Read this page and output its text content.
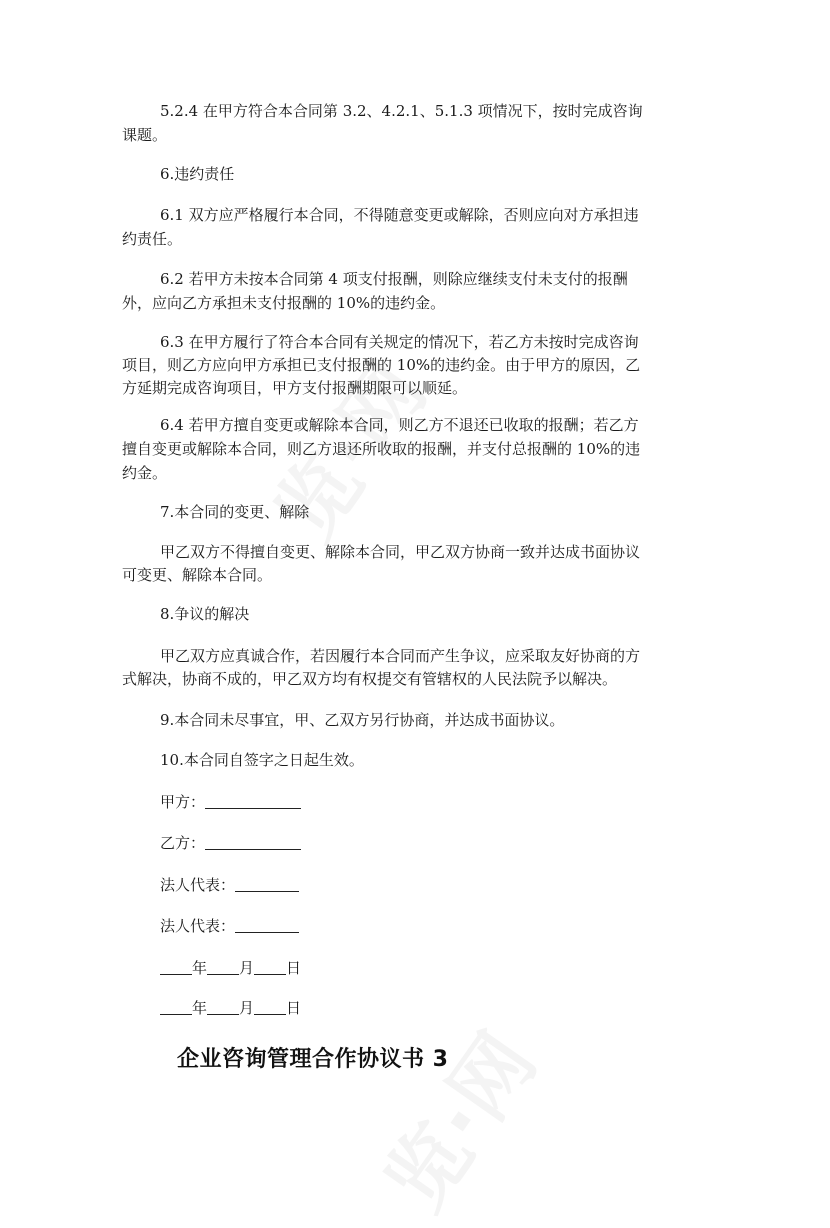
5.2.4 在甲方符合本合同第 3.2、4.2.1、5.1.3 项情况下，按时完成咨询
课题。
6.违约责任
6.1 双方应严格履行本合同，不得随意变更或解除，否则应向对方承担违
约责任。
6.2 若甲方未按本合同第 4 项支付报酬，则除应继续支付未支付的报酬
外，应向乙方承担未支付报酬的 10%的违约金。
6.3 在甲方履行了符合本合同有关规定的情况下，若乙方未按时完成咨询
项目，则乙方应向甲方承担已支付报酬的 10%的违约金。由于甲方的原因，乙
方延期完成咨询项目，甲方支付报酬期限可以顺延。
6.4 若甲方擅自变更或解除本合同，则乙方不退还已收取的报酬；若乙方
擅自变更或解除本合同，则乙方退还所收取的报酬，并支付总报酬的 10%的违
约金。
7.本合同的变更、解除
甲乙双方不得擅自变更、解除本合同，甲乙双方协商一致并达成书面协议
可变更、解除本合同。
8.争议的解决
甲乙双方应真诚合作，若因履行本合同而产生争议，应采取友好协商的方
式解决，协商不成的，甲乙双方均有权提交有管辖权的人民法院予以解决。
9.本合同未尽事宜，甲、乙双方另行协商，并达成书面协议。
10.本合同自签字之日起生效。
甲方：
乙方：
法人代表：
法人代表：
年 月 日
年 月 日
企业咨询管理合作协议书 3
